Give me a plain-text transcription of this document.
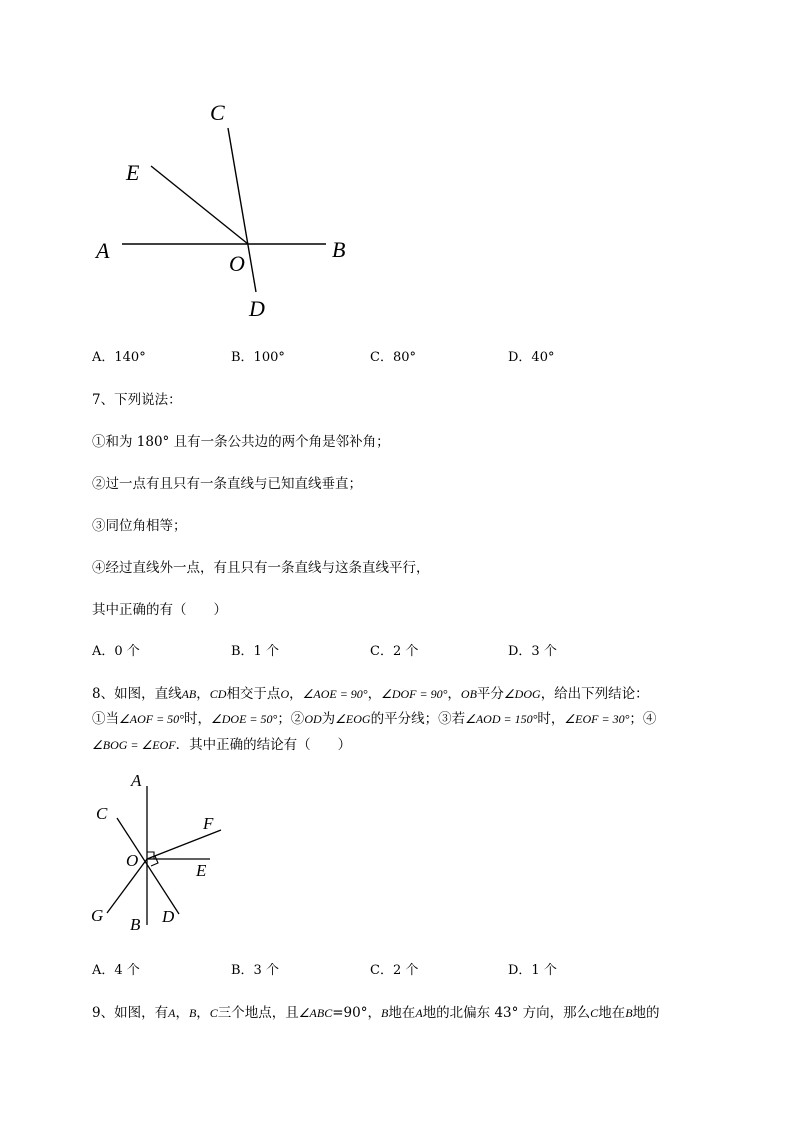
C
E
A
O
B
D
A．140°	B．100°	C．80°	D．40°
7、下列说法：
①和为 180° 且有一条公共边的两个角是邻补角；
②过一点有且只有一条直线与已知直线垂直；
③同位角相等；
④经过直线外一点，有且只有一条直线与这条直线平行，
其中正确的有（　　）
A．0 个	B．1 个	C．2 个	D．3 个
8、如图，直线AB，CD相交于点O，∠AOE = 90°，∠DOF = 90°，OB平分∠DOG，给出下列结论：
①当∠AOF = 50°时，∠DOE = 50°；②OD为∠EOG的平分线；③若∠AOD = 150°时，∠EOF = 30°；④
∠BOG = ∠EOF．其中正确的结论有（　　）
A
C
F
O
E
G B D
A．4 个	B．3 个	C．2 个	D．1 个
9、如图，有A，B，C三个地点，且∠ABC=90°，B地在A地的北偏东 43° 方向，那么C地在B地的
